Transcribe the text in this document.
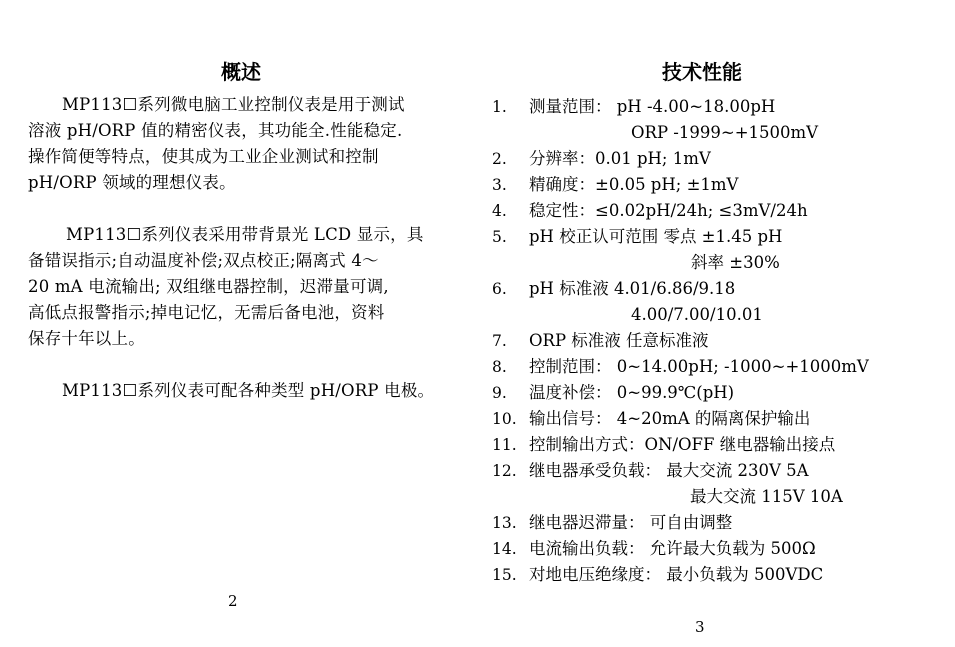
概述

MP113☐系列微电脑工业控制仪表是用于测试
溶液 pH/ORP 值的精密仪表，其功能全.性能稳定.
操作简便等特点，使其成为工业企业测试和控制
pH/ORP 领域的理想仪表。

MP113☐系列仪表采用带背景光 LCD 显示，具
备错误指示;自动温度补偿;双点校正;隔离式 4～
20 mA 电流输出; 双组继电器控制，迟滞量可调,
高低点报警指示;掉电记忆，无需后备电池，资料
保存十年以上。

MP113☐系列仪表可配各种类型 pH/ORP 电极。

2
技术性能
1.	测量范围： pH -4.00~18.00pH
ORP -1999~+1500mV
2.	分辨率：0.01 pH; 1mV
3.	精确度：±0.05 pH; ±1mV
4.	稳定性：≤0.02pH/24h; ≤3mV/24h
5.	pH 校正认可范围 零点 ±1.45 pH
斜率 ±30%
6.	pH 标准液 4.01/6.86/9.18
4.00/7.00/10.01
7.	ORP 标准液 任意标准液
8.	控制范围： 0~14.00pH; -1000~+1000mV
9.	温度补偿： 0~99.9℃(pH)
10. 输出信号： 4~20mA 的隔离保护输出
11. 控制输出方式：ON/OFF 继电器输出接点
12. 继电器承受负载： 最大交流 230V 5A
最大交流 115V 10A
13. 继电器迟滞量： 可自由调整
14. 电流输出负载： 允许最大负载为 500Ω
15. 对地电压绝缘度： 最小负载为 500VDC
3
